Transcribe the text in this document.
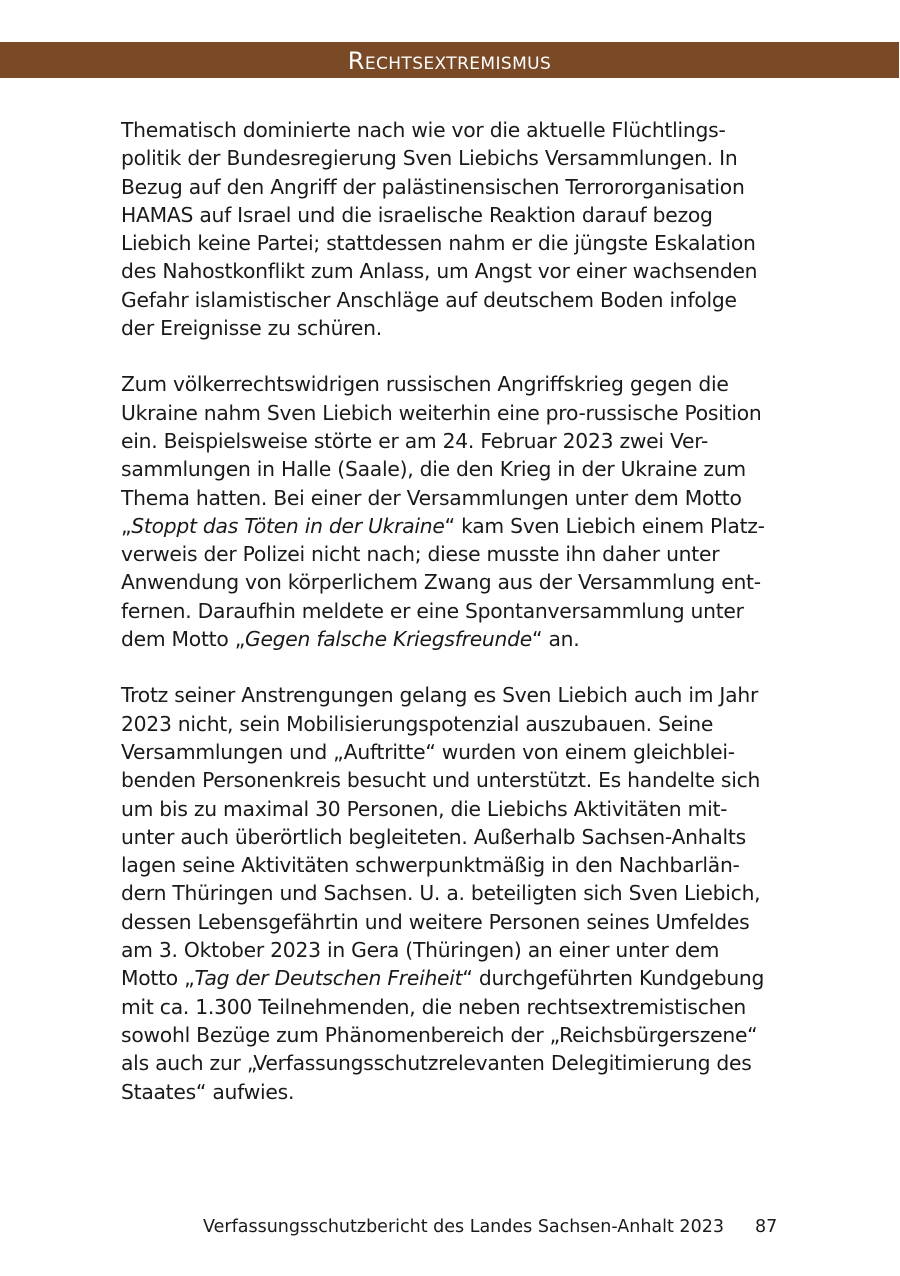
Rechtsextremismus
Thematisch dominierte nach wie vor die aktuelle Flüchtlings-
politik der Bundesregierung Sven Liebichs Versammlungen. In
Bezug auf den Angriff der palästinensischen Terrororganisation
HAMAS auf Israel und die israelische Reaktion darauf bezog
Liebich keine Partei; stattdessen nahm er die jüngste Eskalation
des Nahostkonflikt zum Anlass, um Angst vor einer wachsenden
Gefahr islamistischer Anschläge auf deutschem Boden infolge
der Ereignisse zu schüren.
Zum völkerrechtswidrigen russischen Angriffskrieg gegen die
Ukraine nahm Sven Liebich weiterhin eine pro-russische Position
ein. Beispielsweise störte er am 24. Februar 2023 zwei Ver-
sammlungen in Halle (Saale), die den Krieg in der Ukraine zum
Thema hatten. Bei einer der Versammlungen unter dem Motto
„Stoppt das Töten in der Ukraine“ kam Sven Liebich einem Platz-
verweis der Polizei nicht nach; diese musste ihn daher unter
Anwendung von körperlichem Zwang aus der Versammlung ent-
fernen. Daraufhin meldete er eine Spontanversammlung unter
dem Motto „Gegen falsche Kriegsfreunde“ an.
Trotz seiner Anstrengungen gelang es Sven Liebich auch im Jahr
2023 nicht, sein Mobilisierungspotenzial auszubauen. Seine
Versammlungen und „Auftritte“ wurden von einem gleichblei-
benden Personenkreis besucht und unterstützt. Es handelte sich
um bis zu maximal 30 Personen, die Liebichs Aktivitäten mit-
unter auch überörtlich begleiteten. Außerhalb Sachsen-Anhalts
lagen seine Aktivitäten schwerpunktmäßig in den Nachbarlän-
dern Thüringen und Sachsen. U. a. beteiligten sich Sven Liebich,
dessen Lebensgefährtin und weitere Personen seines Umfeldes
am 3. Oktober 2023 in Gera (Thüringen) an einer unter dem
Motto „Tag der Deutschen Freiheit“ durchgeführten Kundgebung
mit ca. 1.300 Teilnehmenden, die neben rechtsextremistischen
sowohl Bezüge zum Phänomenbereich der „Reichsbürgerszene“
als auch zur „Verfassungsschutzrelevanten Delegitimierung des
Staates“ aufwies.
Verfassungsschutzbericht des Landes Sachsen-Anhalt 2023 87
